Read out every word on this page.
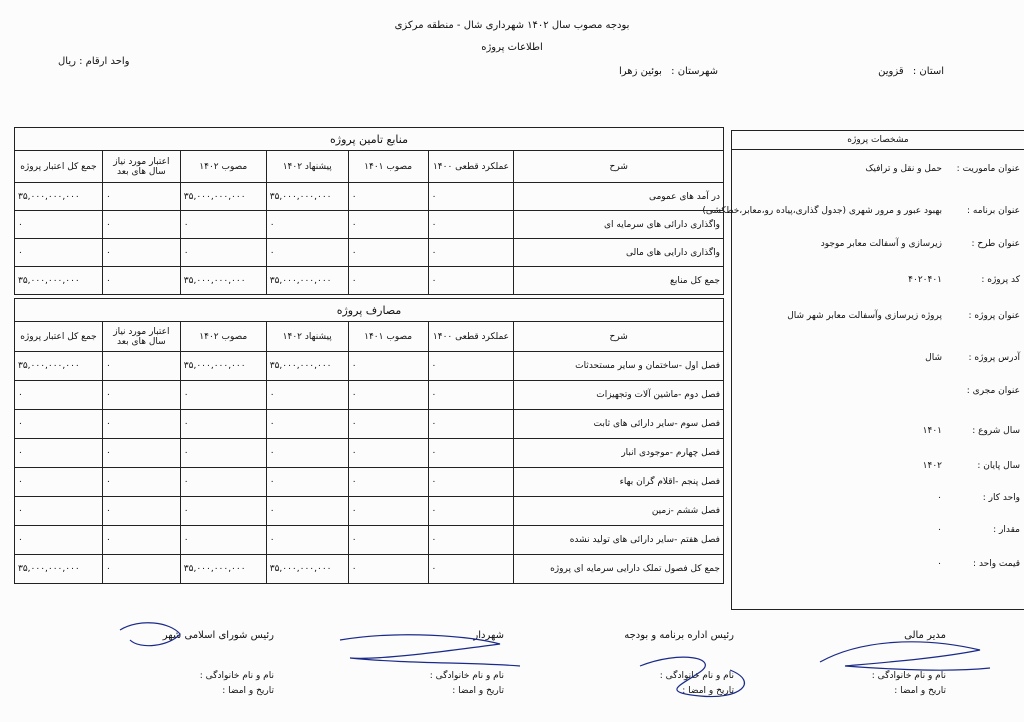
بودجه مصوب سال ۱۴۰۲ شهرداری شال - منطقه مرکزی
اطلاعات پروژه
استان : قزوین
شهرستان : بوئین زهرا
واحد ارقام : ریال
مشخصات پروژه
عنوان ماموریت :
حمل و نقل و ترافیک
عنوان برنامه :
بهبود عبور و مرور شهری (جدول گذاری،پیاده رو،معابر،خطکشی)
عنوان طرح :
زیرسازی و آسفالت معابر موجود
کد پروژه :
۴۰۲۰۴۰۱
عنوان پروژه :
پروژه زیرسازی وآسفالت معابر شهر شال
آدرس پروژه :
شال
عنوان مجری :
سال شروع :
۱۴۰۱
سال پایان :
۱۴۰۲
واحد کار :
۰
مقدار :
۰
قیمت واحد :
۰
منابع تامین پروژه						
جمع کل اعتبار پروژه	اعتبار مورد نیاز سال های بعد	مصوب ۱۴۰۲	پیشنهاد ۱۴۰۲	مصوب ۱۴۰۱	عملکرد قطعی ۱۴۰۰	شرح
۳۵,۰۰۰,۰۰۰,۰۰۰	۰	۳۵,۰۰۰,۰۰۰,۰۰۰	۳۵,۰۰۰,۰۰۰,۰۰۰	۰	۰	در آمد های عمومی
۰	۰	۰	۰	۰	۰	واگذاری دارائی های سرمایه ای
۰	۰	۰	۰	۰	۰	واگذاری دارایی های مالی
۳۵,۰۰۰,۰۰۰,۰۰۰	۰	۳۵,۰۰۰,۰۰۰,۰۰۰	۳۵,۰۰۰,۰۰۰,۰۰۰	۰	۰	جمع کل منابع
مصارف پروژه						
جمع کل اعتبار پروژه	اعتبار مورد نیاز سال های بعد	مصوب ۱۴۰۲	پیشنهاد ۱۴۰۲	مصوب ۱۴۰۱	عملکرد قطعی ۱۴۰۰	شرح
۳۵,۰۰۰,۰۰۰,۰۰۰	۰	۳۵,۰۰۰,۰۰۰,۰۰۰	۳۵,۰۰۰,۰۰۰,۰۰۰	۰	۰	فصل اول -ساختمان و سایر مستحدثات
۰	۰	۰	۰	۰	۰	فصل دوم -ماشین آلات وتجهیزات
۰	۰	۰	۰	۰	۰	فصل سوم -سایر دارائی های ثابت
۰	۰	۰	۰	۰	۰	فصل چهارم -موجودی انبار
۰	۰	۰	۰	۰	۰	فصل پنجم -اقلام گران بهاء
۰	۰	۰	۰	۰	۰	فصل ششم -زمین
۰	۰	۰	۰	۰	۰	فصل هفتم -سایر دارائی های تولید نشده
۳۵,۰۰۰,۰۰۰,۰۰۰	۰	۳۵,۰۰۰,۰۰۰,۰۰۰	۳۵,۰۰۰,۰۰۰,۰۰۰	۰	۰	جمع کل فصول تملک دارایی سرمایه ای پروژه
مدیر مالی
نام و نام خانوادگی :
تاریخ و امضا :
رئیس اداره برنامه و بودجه
نام و نام خانوادگی :
تاریخ و امضا :
شهردار
نام و نام خانوادگی :
تاریخ و امضا :
رئیس شورای اسلامی شهر
نام و نام خانوادگی :
تاریخ و امضا :
